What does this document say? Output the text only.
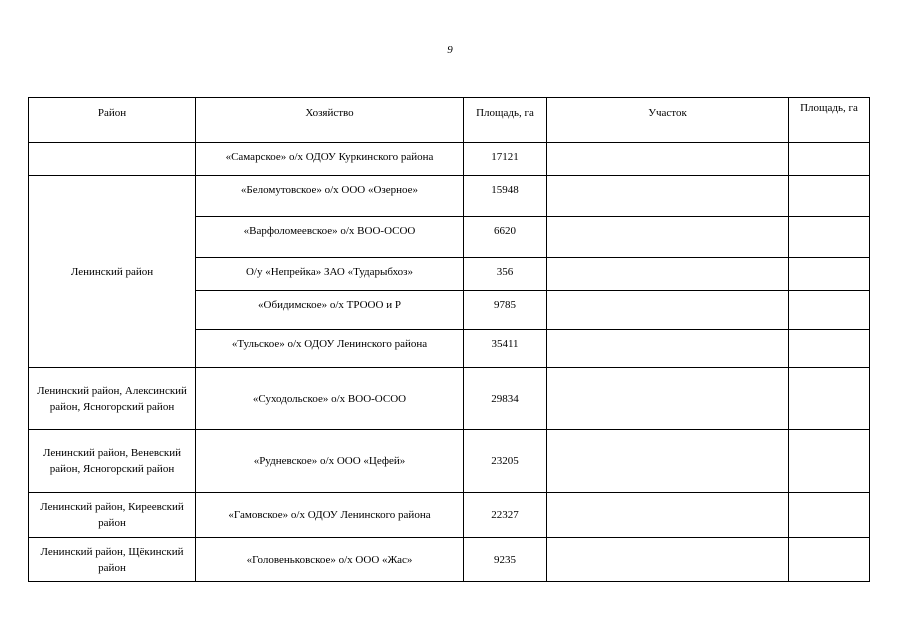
9
Район	Хозяйство	Площадь, га	Участок	Площадь, га
	«Самарское» о/х ОДОУ Куркинского района	17121		
Ленинский район	«Беломутовское» о/х ООО «Озерное»	15948		
	«Варфоломеевское» о/х ВОО-ОСОО	6620		
	О/у «Непрейка» ЗАО «Тударыбхоз»	356		
	«Обидимское» о/х ТРООО и Р	9785		
	«Тульское» о/х ОДОУ Ленинского района	35411		
Ленинский район, Алексинский район, Ясногорский район	«Суходольское» о/х ВОО-ОСОО	29834		
Ленинский район, Веневский район, Ясногорский район	«Рудневское» о/х ООО «Цефей»	23205		
Ленинский район, Киреевский район	«Гамовское» о/х ОДОУ Ленинского района	22327		
Ленинский район, Щёкинский район	«Головеньковское» о/х ООО «Жас»	9235		
